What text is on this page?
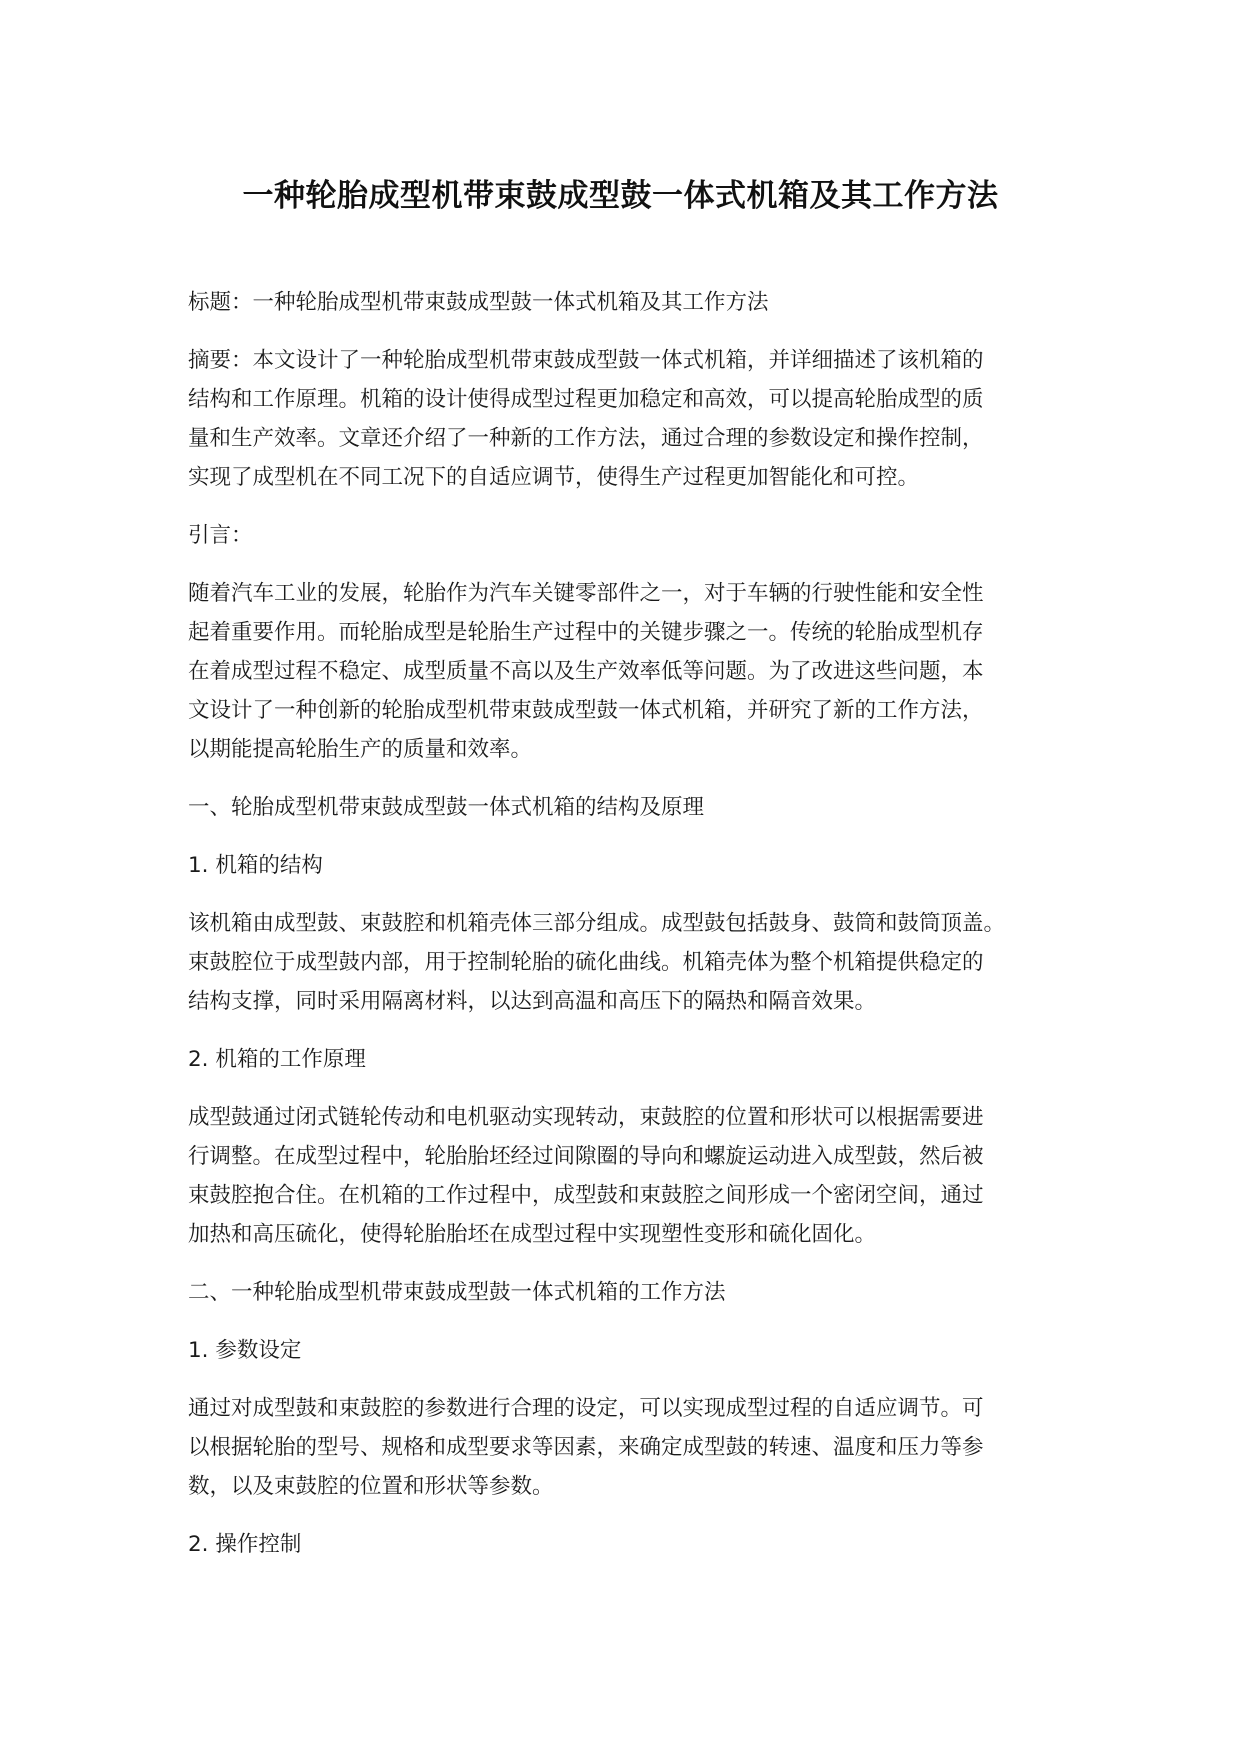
一种轮胎成型机带束鼓成型鼓一体式机箱及其工作方法

标题：一种轮胎成型机带束鼓成型鼓一体式机箱及其工作方法

摘要：本文设计了一种轮胎成型机带束鼓成型鼓一体式机箱，并详细描述了该机箱的
结构和工作原理。机箱的设计使得成型过程更加稳定和高效，可以提高轮胎成型的质
量和生产效率。文章还介绍了一种新的工作方法，通过合理的参数设定和操作控制，
实现了成型机在不同工况下的自适应调节，使得生产过程更加智能化和可控。

引言：

随着汽车工业的发展，轮胎作为汽车关键零部件之一，对于车辆的行驶性能和安全性
起着重要作用。而轮胎成型是轮胎生产过程中的关键步骤之一。传统的轮胎成型机存
在着成型过程不稳定、成型质量不高以及生产效率低等问题。为了改进这些问题，本
文设计了一种创新的轮胎成型机带束鼓成型鼓一体式机箱，并研究了新的工作方法，
以期能提高轮胎生产的质量和效率。

一、轮胎成型机带束鼓成型鼓一体式机箱的结构及原理

1. 机箱的结构

该机箱由成型鼓、束鼓腔和机箱壳体三部分组成。成型鼓包括鼓身、鼓筒和鼓筒顶盖。
束鼓腔位于成型鼓内部，用于控制轮胎的硫化曲线。机箱壳体为整个机箱提供稳定的
结构支撑，同时采用隔离材料，以达到高温和高压下的隔热和隔音效果。

2. 机箱的工作原理

成型鼓通过闭式链轮传动和电机驱动实现转动，束鼓腔的位置和形状可以根据需要进
行调整。在成型过程中，轮胎胎坯经过间隙圈的导向和螺旋运动进入成型鼓，然后被
束鼓腔抱合住。在机箱的工作过程中，成型鼓和束鼓腔之间形成一个密闭空间，通过
加热和高压硫化，使得轮胎胎坯在成型过程中实现塑性变形和硫化固化。

二、一种轮胎成型机带束鼓成型鼓一体式机箱的工作方法

1. 参数设定

通过对成型鼓和束鼓腔的参数进行合理的设定，可以实现成型过程的自适应调节。可
以根据轮胎的型号、规格和成型要求等因素，来确定成型鼓的转速、温度和压力等参
数，以及束鼓腔的位置和形状等参数。

2. 操作控制
